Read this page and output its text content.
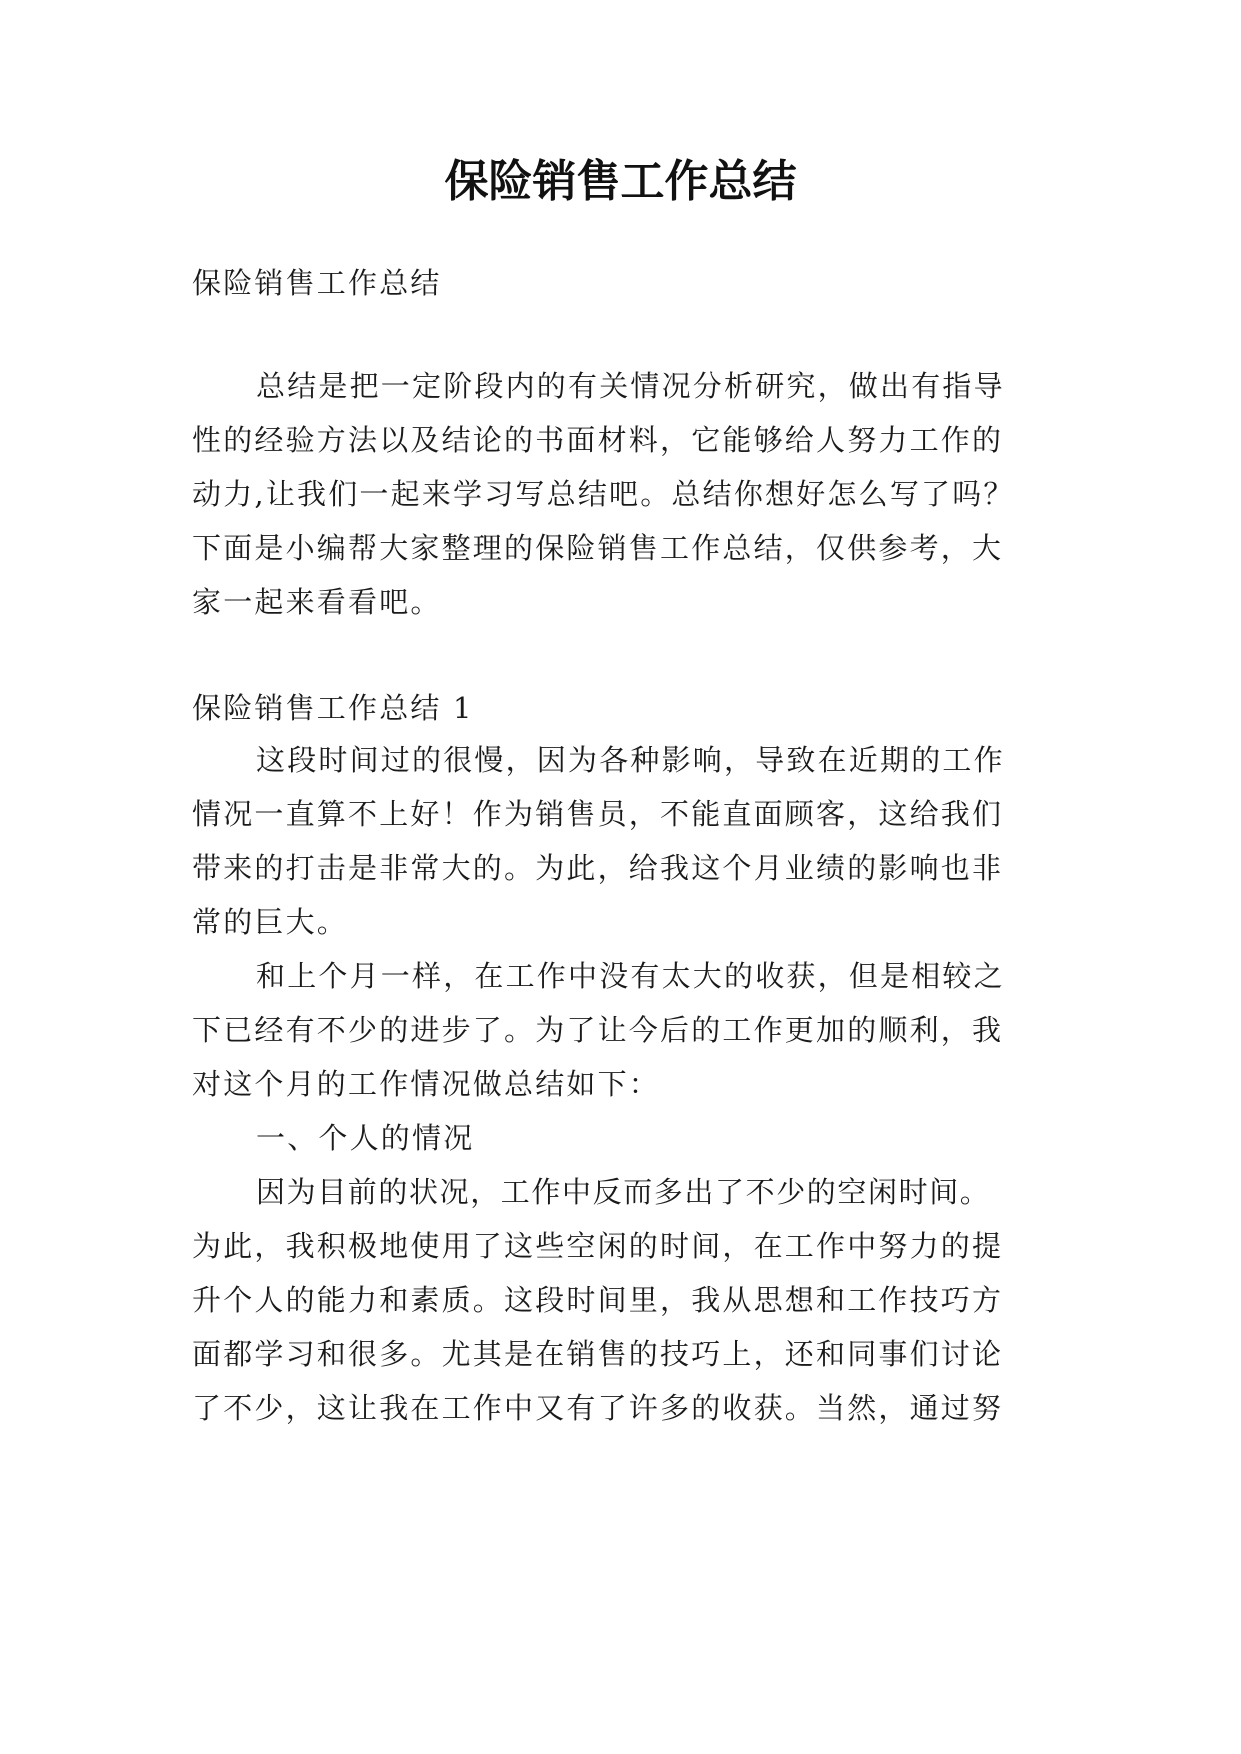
保险销售工作总结

保险销售工作总结

总结是把一定阶段内的有关情况分析研究，做出有指导

性的经验方法以及结论的书面材料，它能够给人努力工作的

动力,让我们一起来学习写总结吧。总结你想好怎么写了吗？

下面是小编帮大家整理的保险销售工作总结，仅供参考，大

家一起来看看吧。

保险销售工作总结 1

这段时间过的很慢，因为各种影响，导致在近期的工作

情况一直算不上好！作为销售员，不能直面顾客，这给我们

带来的打击是非常大的。为此，给我这个月业绩的影响也非

常的巨大。

和上个月一样，在工作中没有太大的收获，但是相较之

下已经有不少的进步了。为了让今后的工作更加的顺利，我

对这个月的工作情况做总结如下：

一、个人的情况

因为目前的状况，工作中反而多出了不少的空闲时间。

为此，我积极地使用了这些空闲的时间，在工作中努力的提

升个人的能力和素质。这段时间里，我从思想和工作技巧方

面都学习和很多。尤其是在销售的技巧上，还和同事们讨论

了不少，这让我在工作中又有了许多的收获。当然，通过努
